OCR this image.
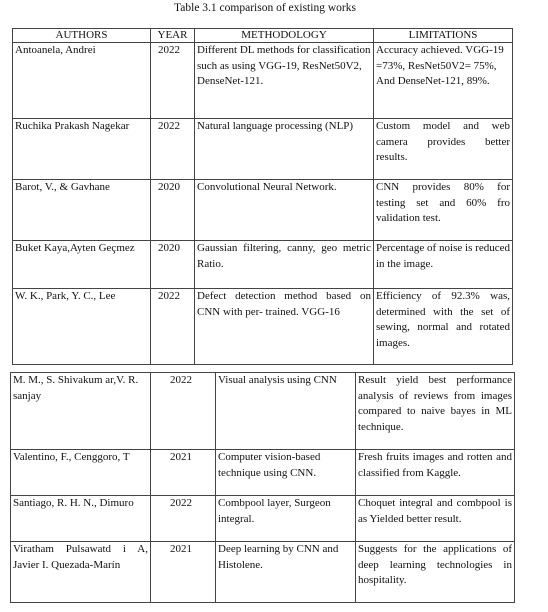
Table 3.1 comparison of existing works
AUTHORS	YEAR	METHODOLOGY	LIMITATIONS
Antoanela, Andrei	2022	Different DL methods for classification such as using VGG-19, ResNet50V2, DenseNet-121.	Accuracy achieved. VGG-19 =73%, ResNet50V2= 75%, And DenseNet-121, 89%.
Ruchika Prakash Nagekar	2022	Natural language processing (NLP)	Custom model and web camera provides better results.
Barot, V., & Gavhane	2020	Convolutional Neural Network.	CNN provides 80% for testing set and 60% fro validation test.
Buket Kaya,Ayten Geçmez	2020	Gaussian filtering, canny, geo metric Ratio.	Percentage of noise is reduced in the image.
W. K., Park, Y. C., Lee	2022	Defect detection method based on CNN with per- trained. VGG-16	Efficiency of 92.3% was, determined with the set of sewing, normal and rotated images.
M. M., S. Shivakum ar,V. R. sanjay	2022	Visual analysis using CNN	Result yield best performance analysis of reviews from images compared to naive bayes in ML technique.
Valentino, F., Cenggoro, T	2021	Computer vision-based technique using CNN.	Fresh fruits images and rotten and classified from Kaggle.
Santiago, R. H. N., Dimuro	2022	Combpool layer, Surgeon integral.	Choquet integral and combpool is as Yielded better result.
Viratham Pulsawatd i A, Javier I. Quezada-Marín	2021	Deep learning by CNN and Histolene.	Suggests for the applications of deep learning technologies in hospitality.
